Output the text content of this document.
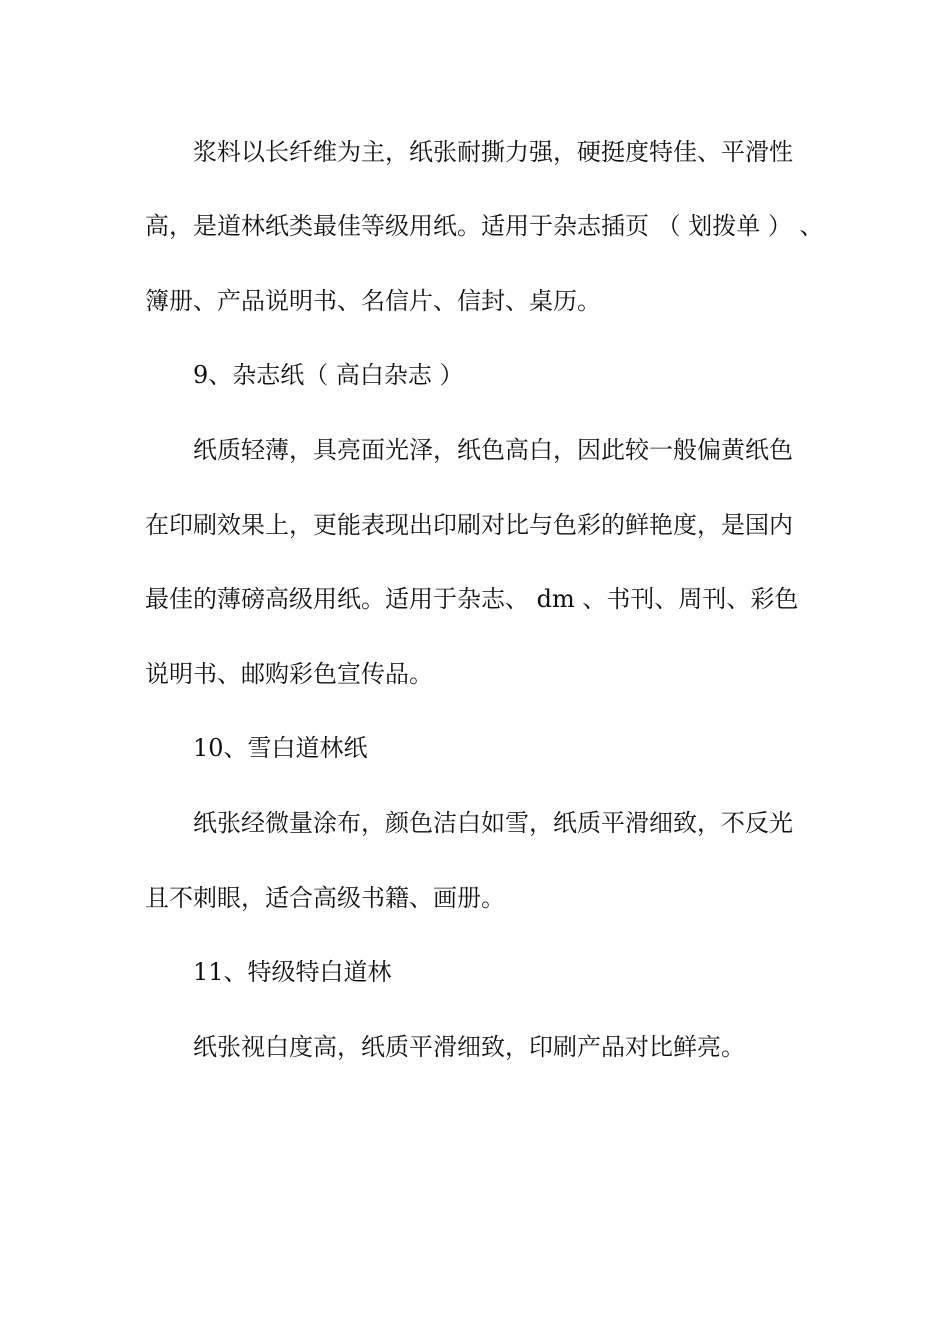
浆料以长纤维为主，纸张耐撕力强，硬挺度特佳、平滑性
高，是道林纸类最佳等级用纸。适用于杂志插页 （ 划拨单 ） 、
簿册、产品说明书、名信片、信封、桌历。
9、杂志纸（ 高白杂志 ）
纸质轻薄，具亮面光泽，纸色高白，因此较一般偏黄纸色
在印刷效果上，更能表现出印刷对比与色彩的鲜艳度，是国内
最佳的薄磅高级用纸。适用于杂志、 dm 、书刊、周刊、彩色
说明书、邮购彩色宣传品。
10、雪白道林纸
纸张经微量涂布，颜色洁白如雪，纸质平滑细致，不反光
且不刺眼，适合高级书籍、画册。
11、特级特白道林
纸张视白度高，纸质平滑细致，印刷产品对比鲜亮。
